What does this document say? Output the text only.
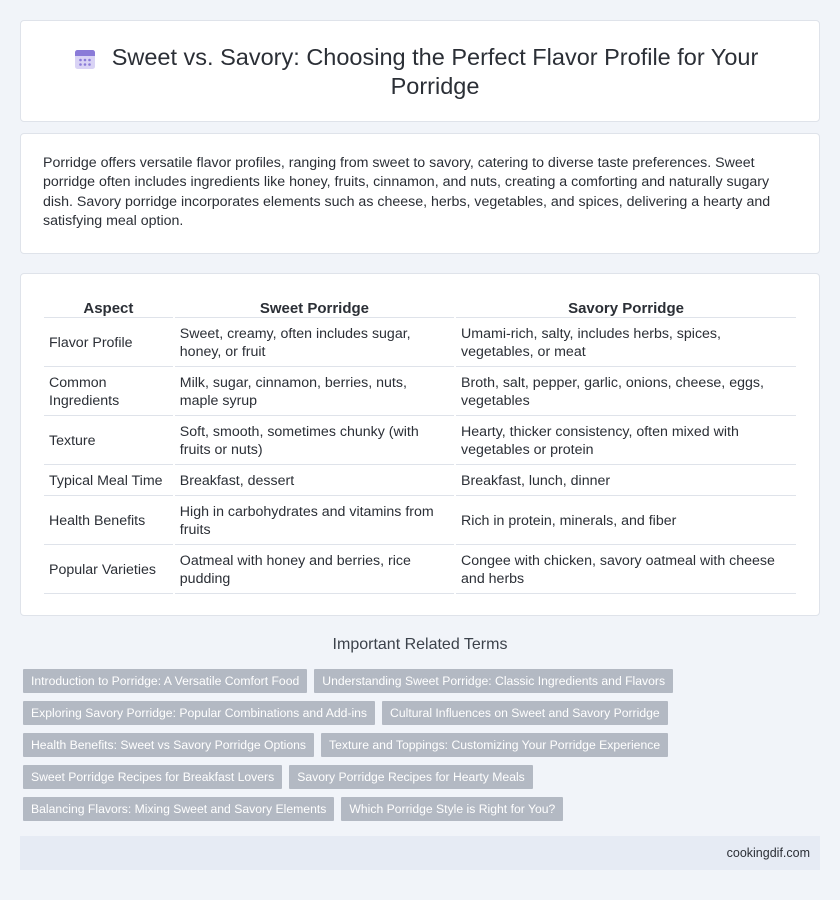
Sweet vs. Savory: Choosing the Perfect Flavor Profile for Your Porridge

Porridge offers versatile flavor profiles, ranging from sweet to savory, catering to diverse taste preferences. Sweet porridge often includes ingredients like honey, fruits, cinnamon, and nuts, creating a comforting and naturally sugary dish. Savory porridge incorporates elements such as cheese, herbs, vegetables, and spices, delivering a hearty and satisfying meal option.

Aspect	Sweet Porridge	Savory Porridge
Flavor Profile	Sweet, creamy, often includes sugar, honey, or fruit	Umami-rich, salty, includes herbs, spices, vegetables, or meat
Common Ingredients	Milk, sugar, cinnamon, berries, nuts, maple syrup	Broth, salt, pepper, garlic, onions, cheese, eggs, vegetables
Texture	Soft, smooth, sometimes chunky (with fruits or nuts)	Hearty, thicker consistency, often mixed with vegetables or protein
Typical Meal Time	Breakfast, dessert	Breakfast, lunch, dinner
Health Benefits	High in carbohydrates and vitamins from fruits	Rich in protein, minerals, and fiber
Popular Varieties	Oatmeal with honey and berries, rice pudding	Congee with chicken, savory oatmeal with cheese and herbs
Important Related Terms
Introduction to Porridge: A Versatile Comfort Food	Understanding Sweet Porridge: Classic Ingredients and Flavors
Exploring Savory Porridge: Popular Combinations and Add-ins	Cultural Influences on Sweet and Savory Porridge
Health Benefits: Sweet vs Savory Porridge Options	Texture and Toppings: Customizing Your Porridge Experience
Sweet Porridge Recipes for Breakfast Lovers	Savory Porridge Recipes for Hearty Meals
Balancing Flavors: Mixing Sweet and Savory Elements	Which Porridge Style is Right for You?
cookingdif.com
